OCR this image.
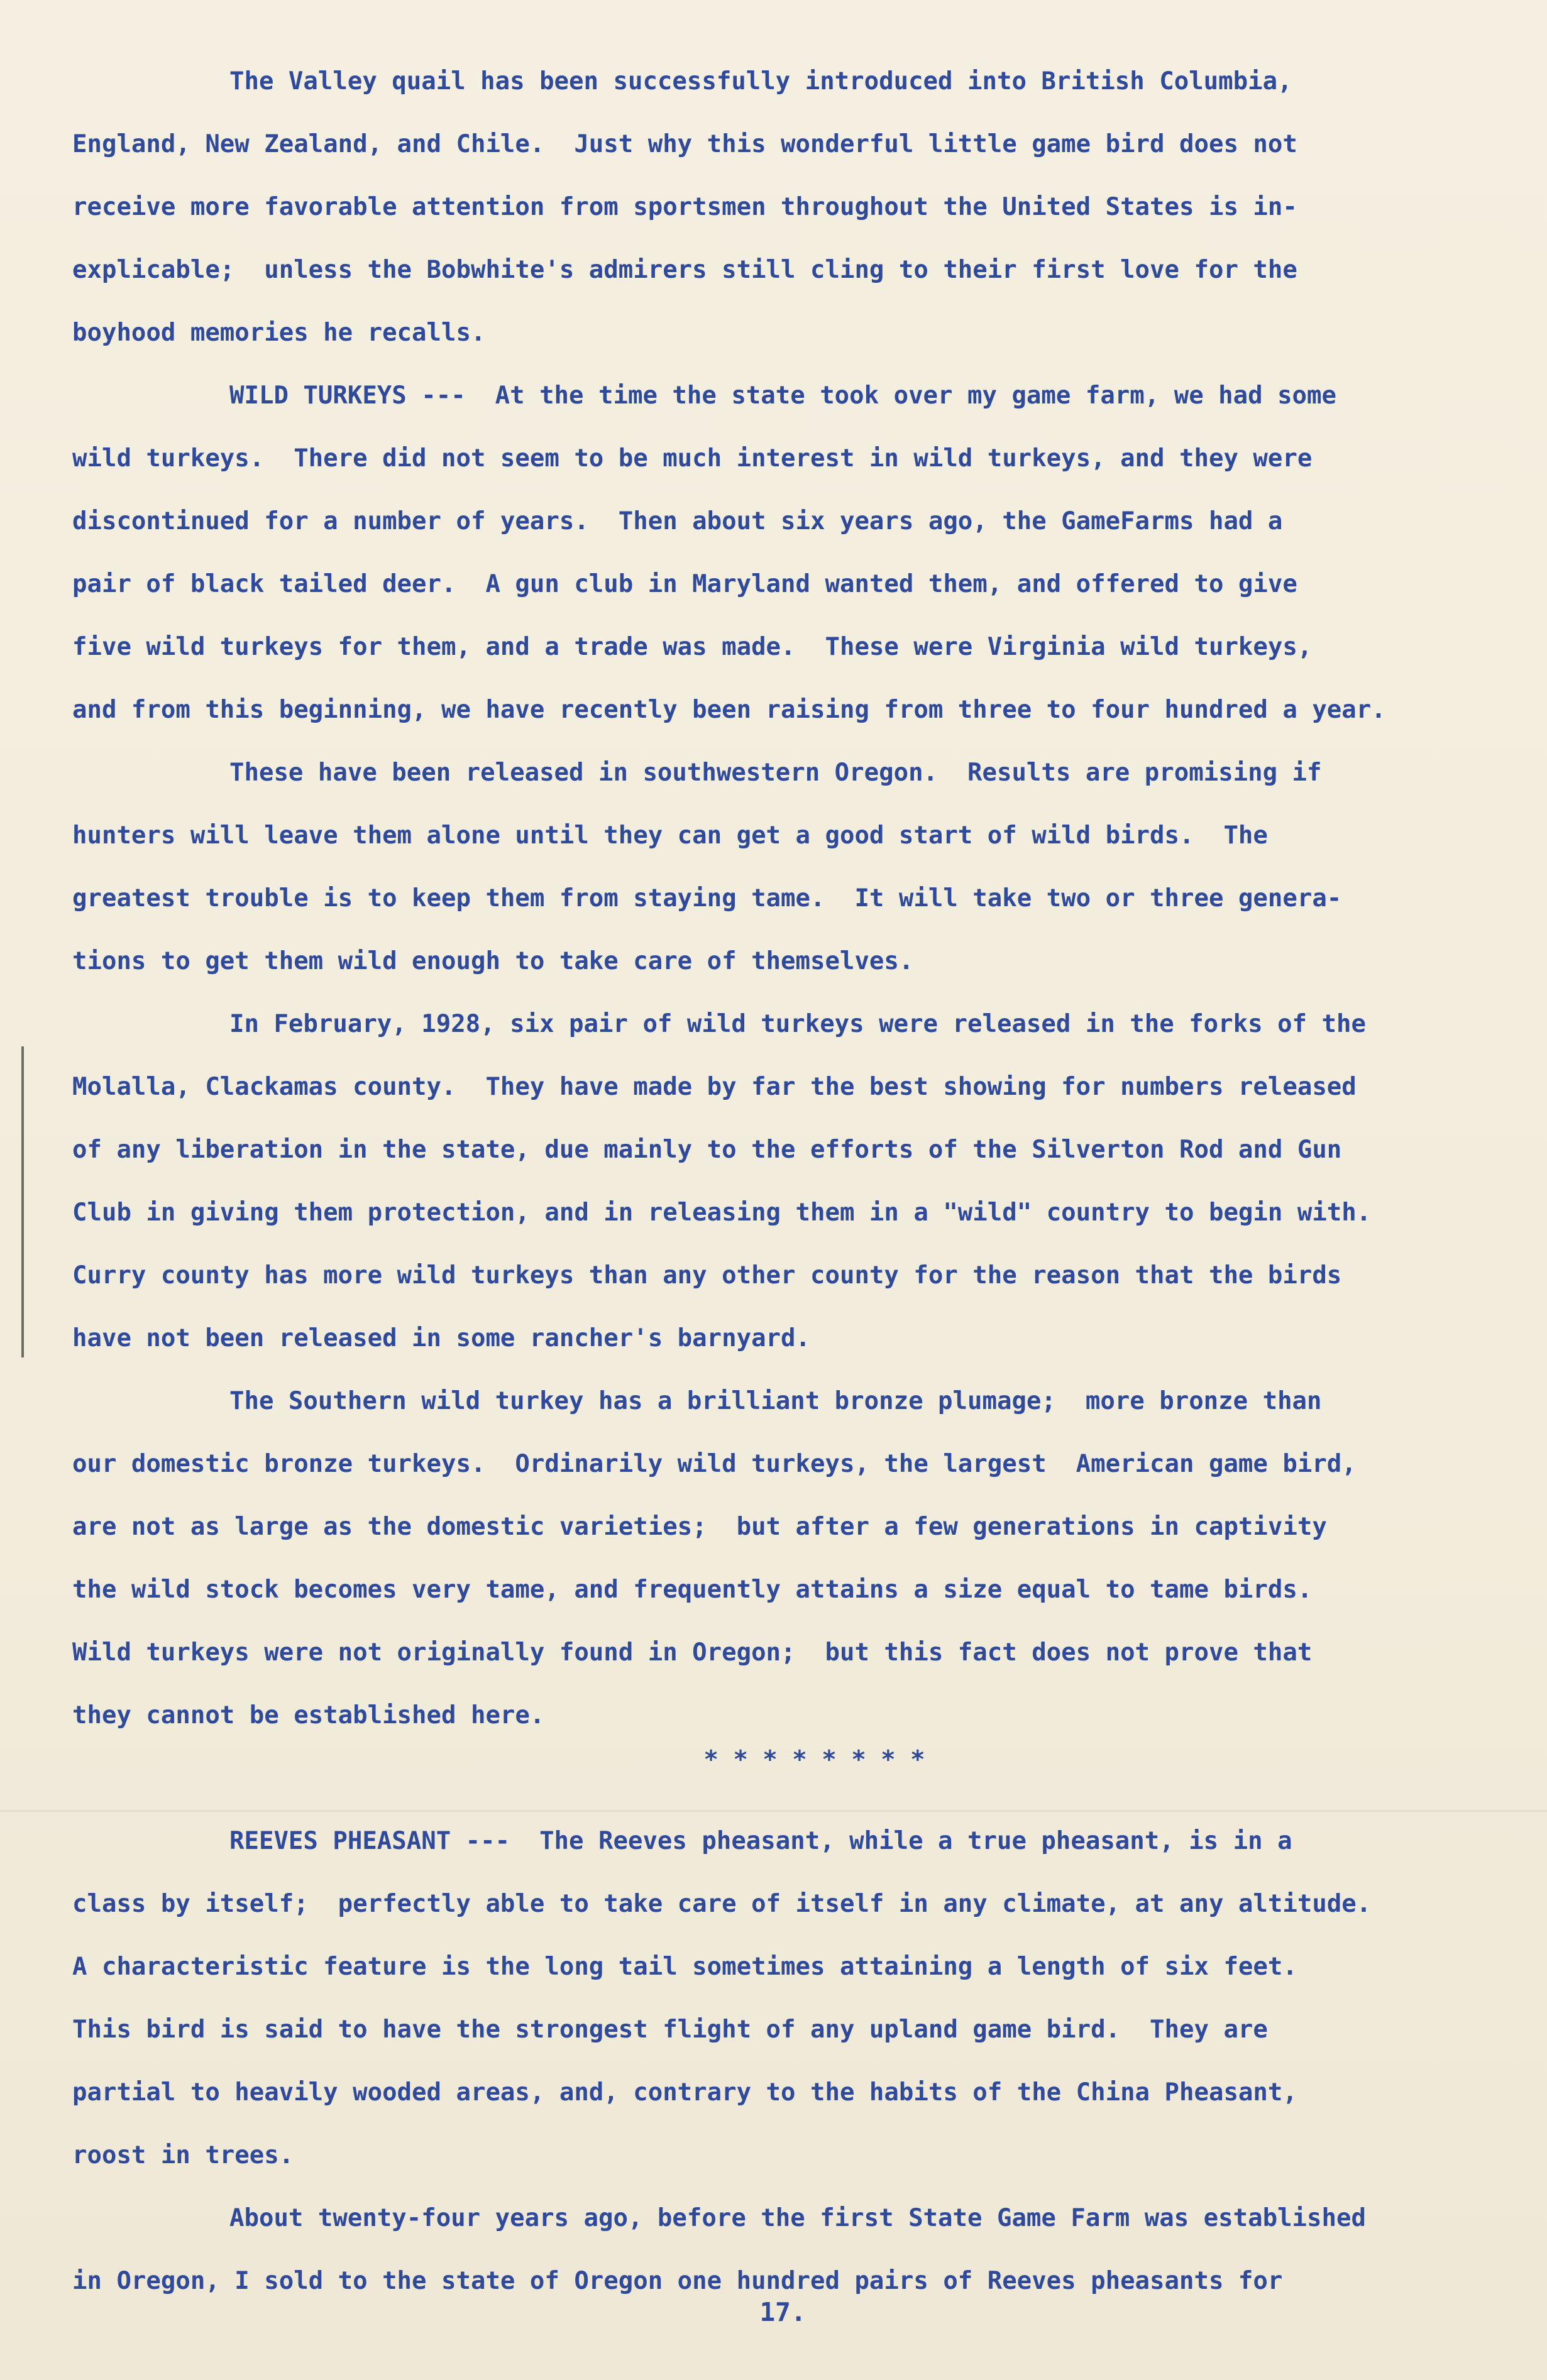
The Valley quail has been successfully introduced into British Columbia,
England, New Zealand, and Chile.  Just why this wonderful little game bird does not
receive more favorable attention from sportsmen throughout the United States is in-
explicable;  unless the Bobwhite's admirers still cling to their first love for the
boyhood memories he recalls.
WILD TURKEYS ---  At the time the state took over my game farm, we had some
wild turkeys.  There did not seem to be much interest in wild turkeys, and they were
discontinued for a number of years.  Then about six years ago, the GameFarms had a
pair of black tailed deer.  A gun club in Maryland wanted them, and offered to give
five wild turkeys for them, and a trade was made.  These were Virginia wild turkeys,
and from this beginning, we have recently been raising from three to four hundred a year.
These have been released in southwestern Oregon.  Results are promising if
hunters will leave them alone until they can get a good start of wild birds.  The
greatest trouble is to keep them from staying tame.  It will take two or three genera-
tions to get them wild enough to take care of themselves.
In February, 1928, six pair of wild turkeys were released in the forks of the
Molalla, Clackamas county.  They have made by far the best showing for numbers released
of any liberation in the state, due mainly to the efforts of the Silverton Rod and Gun
Club in giving them protection, and in releasing them in a "wild" country to begin with.
Curry county has more wild turkeys than any other county for the reason that the birds
have not been released in some rancher's barnyard.
The Southern wild turkey has a brilliant bronze plumage;  more bronze than
our domestic bronze turkeys.  Ordinarily wild turkeys, the largest  American game bird,
are not as large as the domestic varieties;  but after a few generations in captivity
the wild stock becomes very tame, and frequently attains a size equal to tame birds.
Wild turkeys were not originally found in Oregon;  but this fact does not prove that
they cannot be established here.
* * * * * * * *
REEVES PHEASANT ---  The Reeves pheasant, while a true pheasant, is in a
class by itself;  perfectly able to take care of itself in any climate, at any altitude.
A characteristic feature is the long tail sometimes attaining a length of six feet.
This bird is said to have the strongest flight of any upland game bird.  They are
partial to heavily wooded areas, and, contrary to the habits of the China Pheasant,
roost in trees.
About twenty-four years ago, before the first State Game Farm was established
in Oregon, I sold to the state of Oregon one hundred pairs of Reeves pheasants for
17.
